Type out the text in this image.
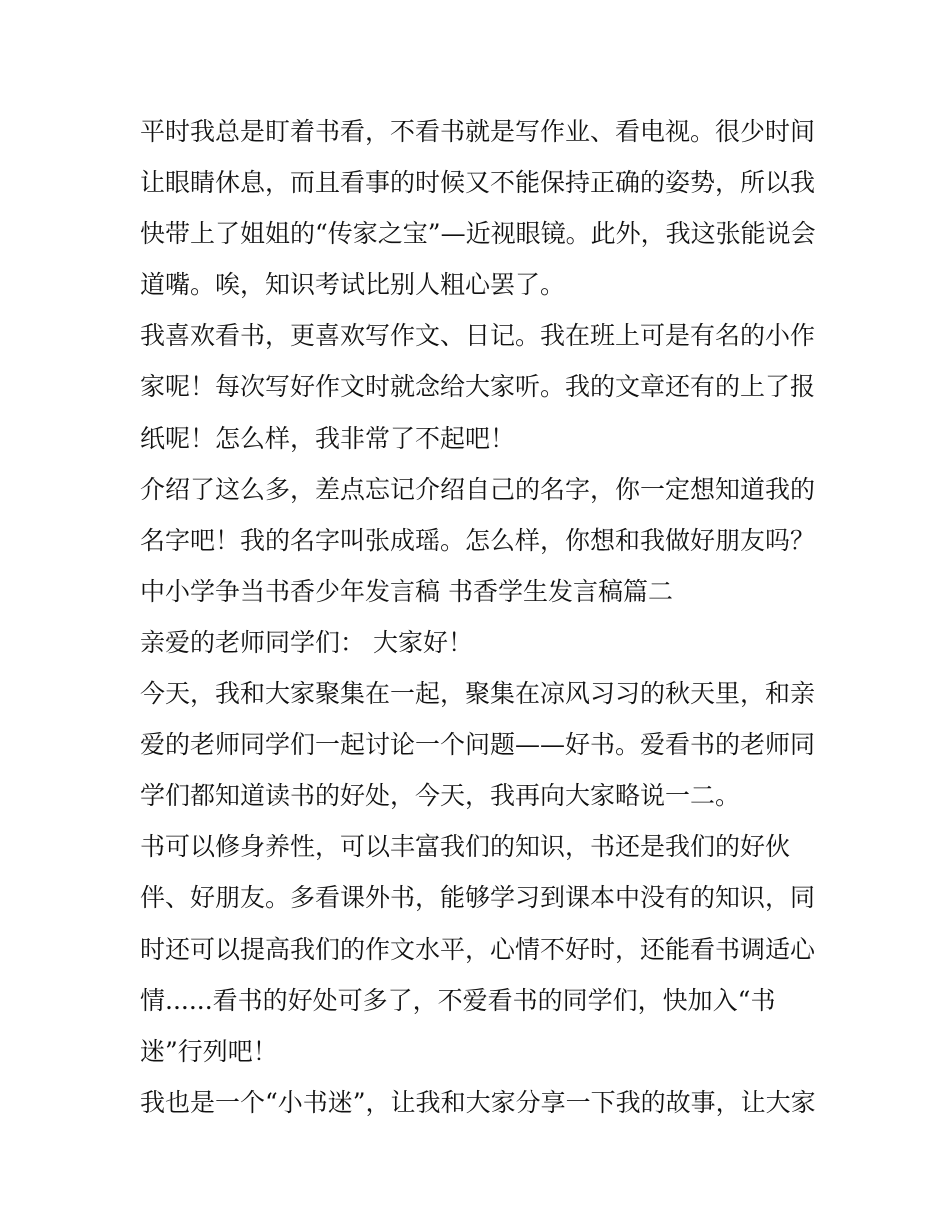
平时我总是盯着书看，不看书就是写作业、看电视。很少时间
让眼睛休息，而且看事的时候又不能保持正确的姿势，所以我
快带上了姐姐的“传家之宝”—近视眼镜。此外，我这张能说会
道嘴。唉，知识考试比别人粗心罢了。
我喜欢看书，更喜欢写作文、日记。我在班上可是有名的小作
家呢！每次写好作文时就念给大家听。我的文章还有的上了报
纸呢！怎么样，我非常了不起吧！
介绍了这么多，差点忘记介绍自己的名字，你一定想知道我的
名字吧！我的名字叫张成瑶。怎么样，你想和我做好朋友吗？
中小学争当书香少年发言稿 书香学生发言稿篇二
亲爱的老师同学们： 大家好！
今天，我和大家聚集在一起，聚集在凉风习习的秋天里，和亲
爱的老师同学们一起讨论一个问题——好书。爱看书的老师同
学们都知道读书的好处，今天，我再向大家略说一二。
书可以修身养性，可以丰富我们的知识，书还是我们的好伙
伴、好朋友。多看课外书，能够学习到课本中没有的知识，同
时还可以提高我们的作文水平，心情不好时，还能看书调适心
情......看书的好处可多了，不爱看书的同学们，快加入“书
迷”行列吧！
我也是一个“小书迷”，让我和大家分享一下我的故事，让大家
